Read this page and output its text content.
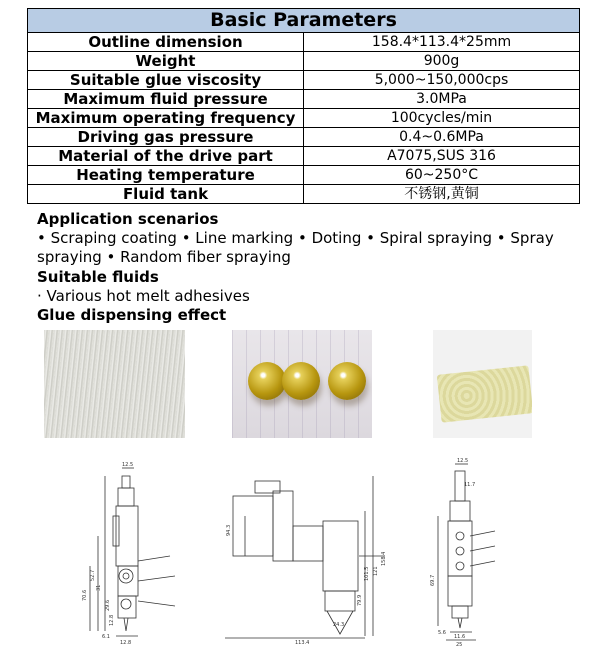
Basic Parameters	
Outline dimension	158.4*113.4*25mm
Weight	900g
Suitable glue viscosity	5,000~150,000cps
Maximum fluid pressure	3.0MPa
Maximum operating frequency	100cycles/min
Driving gas pressure	0.4~0.6MPa
Material of the drive part	A7075,SUS 316
Heating temperature	60~250°C
Fluid tank	不锈钢,黄铜
Application scenarios
• Scraping coating • Line marking • Doting • Spiral spraying • Spray spraying • Random fiber spraying
Suitable fluids
· Various hot melt adhesives
Glue dispensing effect
12.5
31
52.7
70.6
29.6
12.8
12.8
6.1
113.4
158.4
121
101.5
94.3
79.9
24.3
12.5
11.7
11.6
25
69.7
5.6
